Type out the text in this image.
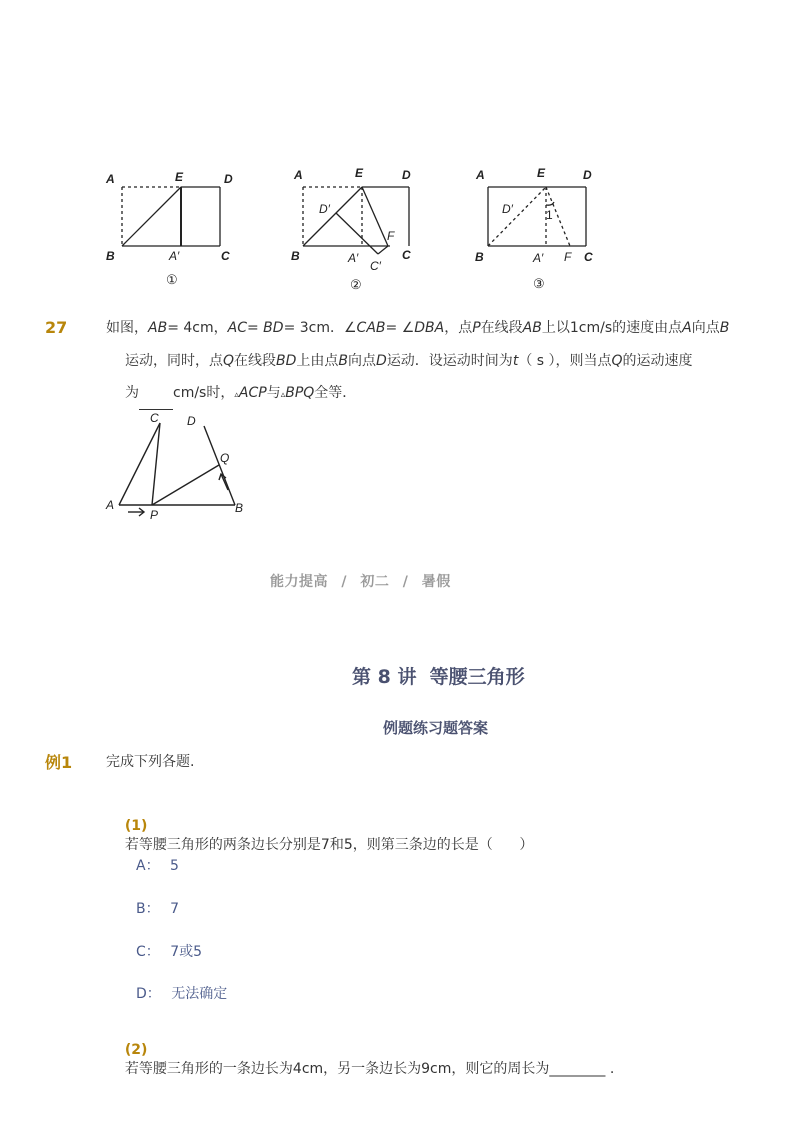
A	E	D
B	A′	C
A	E	D
D′
F
B	A′
C′
C
A	E	D
D′	1
B	A′ F C
①	②	③
27	如图，AB= 4cm，AC= BD= 3cm．∠CAB= ∠DBA，点P在线段AB上以1cm/s的速度由点A向点B
运动，同时，点Q在线段BD上由点B向点D运动．设运动时间为t（ s ），则当点Q的运动速度
为 cm/s时，▵ACP与▵BPQ全等．
C D
Q
A
P	B
能力提高 / 初二 / 暑假
第 8 讲  等腰三角形
例题练习题答案
例1 完成下列各题.

(1)
若等腰三角形的两条边长分别是7和5，则第三条边的长是（      ）

A： 5
B： 7
C： 7或5
D： 无法确定

(2)
若等腰三角形的一条边长为4cm，另一条边长为9cm，则它的周长为________ .
